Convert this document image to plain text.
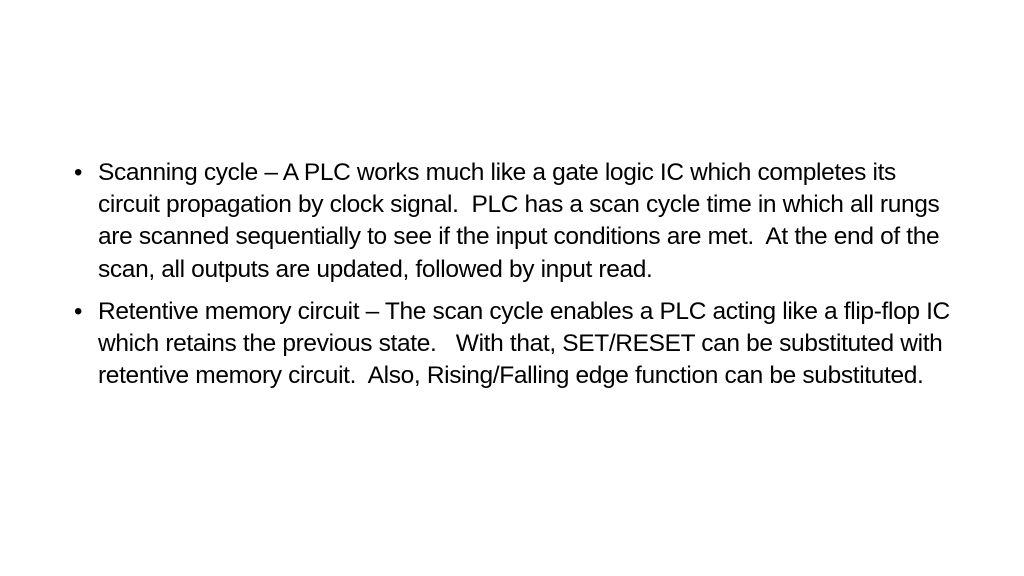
• Scanning cycle – A PLC works much like a gate logic IC which completes its circuit propagation by clock signal.  PLC has a scan cycle time in which all rungs are scanned sequentially to see if the input conditions are met.  At the end of the scan, all outputs are updated, followed by input read.
• Retentive memory circuit – The scan cycle enables a PLC acting like a flip-flop IC which retains the previous state.   With that, SET/RESET can be substituted with retentive memory circuit.  Also, Rising/Falling edge function can be substituted.
